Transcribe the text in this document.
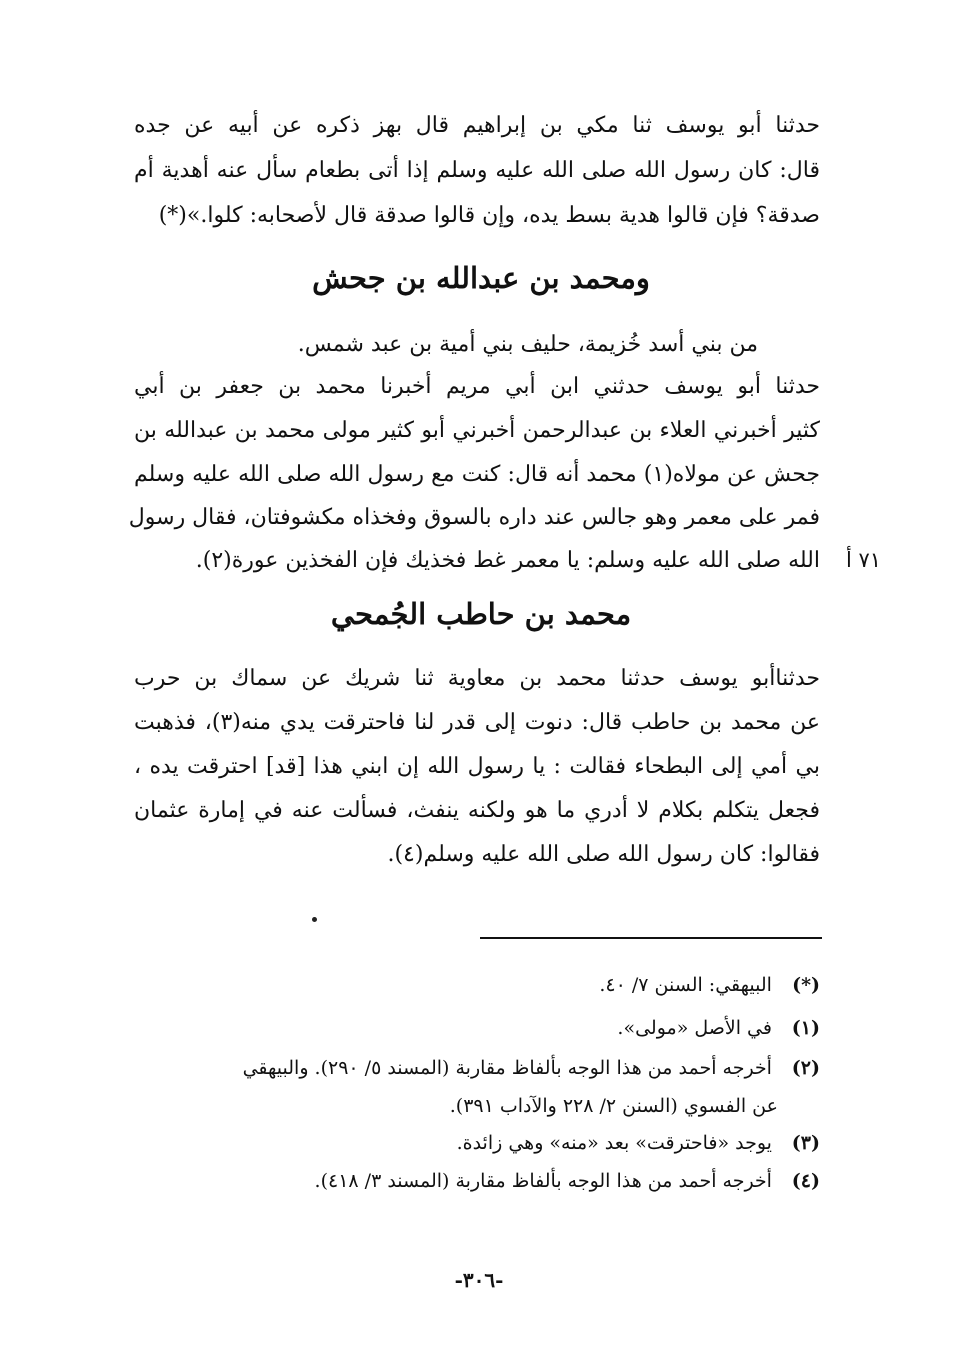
حدثنا أبو يوسف ثنا مكي بن إبراهيم قال بهز ذكره عن أبيه عن جده
قال: كان رسول الله صلى الله عليه وسلم إذا أتى بطعام سأل عنه أهدية أم
صدقة؟ فإن قالوا هدية بسط يده، وإن قالوا صدقة قال لأصحابه: كلوا.»(*)
ومحمد بن عبدالله بن جحش
من بني أسد خُزيمة، حليف بني أمية بن عبد شمس.
حدثنا أبو يوسف حدثني ابن أبي مريم أخبرنا محمد بن جعفر بن أبي
كثير أخبرني العلاء بن عبدالرحمن أخبرني أبو كثير مولى محمد بن عبدالله بن
جحش عن مولاه(١) محمد أنه قال: كنت مع رسول الله صلى الله عليه وسلم
فمر على معمر وهو جالس عند داره بالسوق وفخذاه مكشوفتان، فقال رسول
الله صلى الله عليه وسلم: يا معمر غط فخذيك فإن الفخذين عورة(٢). ٧١ أ
محمد بن حاطب الجُمحي
حدثناأبو يوسف حدثنا محمد بن معاوية ثنا شريك عن سماك بن حرب
عن محمد بن حاطب قال: دنوت إلى قدر لنا فاحترقت يدي منه(٣)، فذهبت
بي أمي إلى البطحاء فقالت : يا رسول الله إن ابني هذا [قد] احترقت يده ،
فجعل يتكلم بكلام لا أدري ما هو ولكنه ينفث، فسألت عنه في إمارة عثمان
فقالوا: كان رسول الله صلى الله عليه وسلم(٤).
(*) البيهقي: السنن ٧/ ٤٠.
(١) في الأصل «مولى».
(٢) أخرجه أحمد من هذا الوجه بألفاظ مقاربة (المسند ٥/ ٢٩٠). والبيهقي
عن الفسوي (السنن ٢/ ٢٢٨ والآداب ٣٩١).
(٣) يوجد «فاحترقت» بعد «منه» وهي زائدة.
(٤) أخرجه أحمد من هذا الوجه بألفاظ مقاربة (المسند ٣/ ٤١٨).
-٣٠٦-
